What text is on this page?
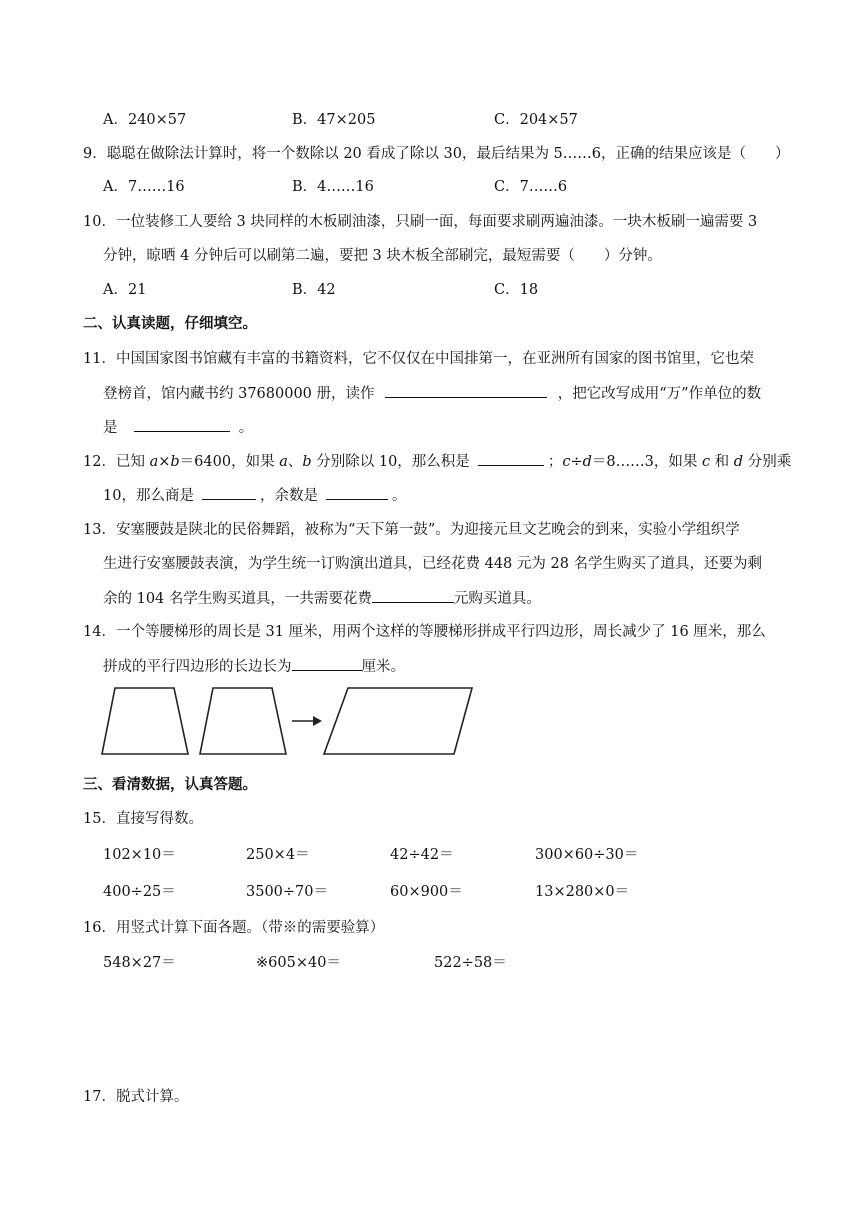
A．240×57	B．47×205	C．204×57
9．聪聪在做除法计算时，将一个数除以 20 看成了除以 30，最后结果为 5……6，正确的结果应该是（　　）
A．7……16	B．4……16	C．7……6
10．一位装修工人要给 3 块同样的木板刷油漆，只刷一面，每面要求刷两遍油漆。一块木板刷一遍需要 3
分钟，晾晒 4 分钟后可以刷第二遍，要把 3 块木板全部刷完，最短需要（　　）分钟。
A．21	B．42	C．18
二、认真读题，仔细填空。
11．中国国家图书馆藏有丰富的书籍资料，它不仅仅在中国排第一，在亚洲所有国家的图书馆里，它也荣
登榜首，馆内藏书约 37680000 册，读作	，把它改写成用“万”作单位的数
是	。
12．已知 a×b＝6400，如果 a、b 分别除以 10，那么积是	；c÷d＝8……3，如果 c 和 d 分别乘
10，那么商是	，余数是	。
13．安塞腰鼓是陕北的民俗舞蹈，被称为“天下第一鼓”。为迎接元旦文艺晚会的到来，实验小学组织学
生进行安塞腰鼓表演，为学生统一订购演出道具，已经花费 448 元为 28 名学生购买了道具，还要为剩
余的 104 名学生购买道具，一共需要花费	元购买道具。
14．一个等腰梯形的周长是 31 厘米，用两个这样的等腰梯形拼成平行四边形，周长减少了 16 厘米，那么
拼成的平行四边形的长边长为	厘米。
三、看清数据，认真答题。
15．直接写得数。
102×10＝	250×4＝	42÷42＝	300×60÷30＝
400÷25＝	3500÷70＝	60×900＝	13×280×0＝
16．用竖式计算下面各题。（带※的需要验算）
548×27＝	※605×40＝	522÷58＝
17．脱式计算。
